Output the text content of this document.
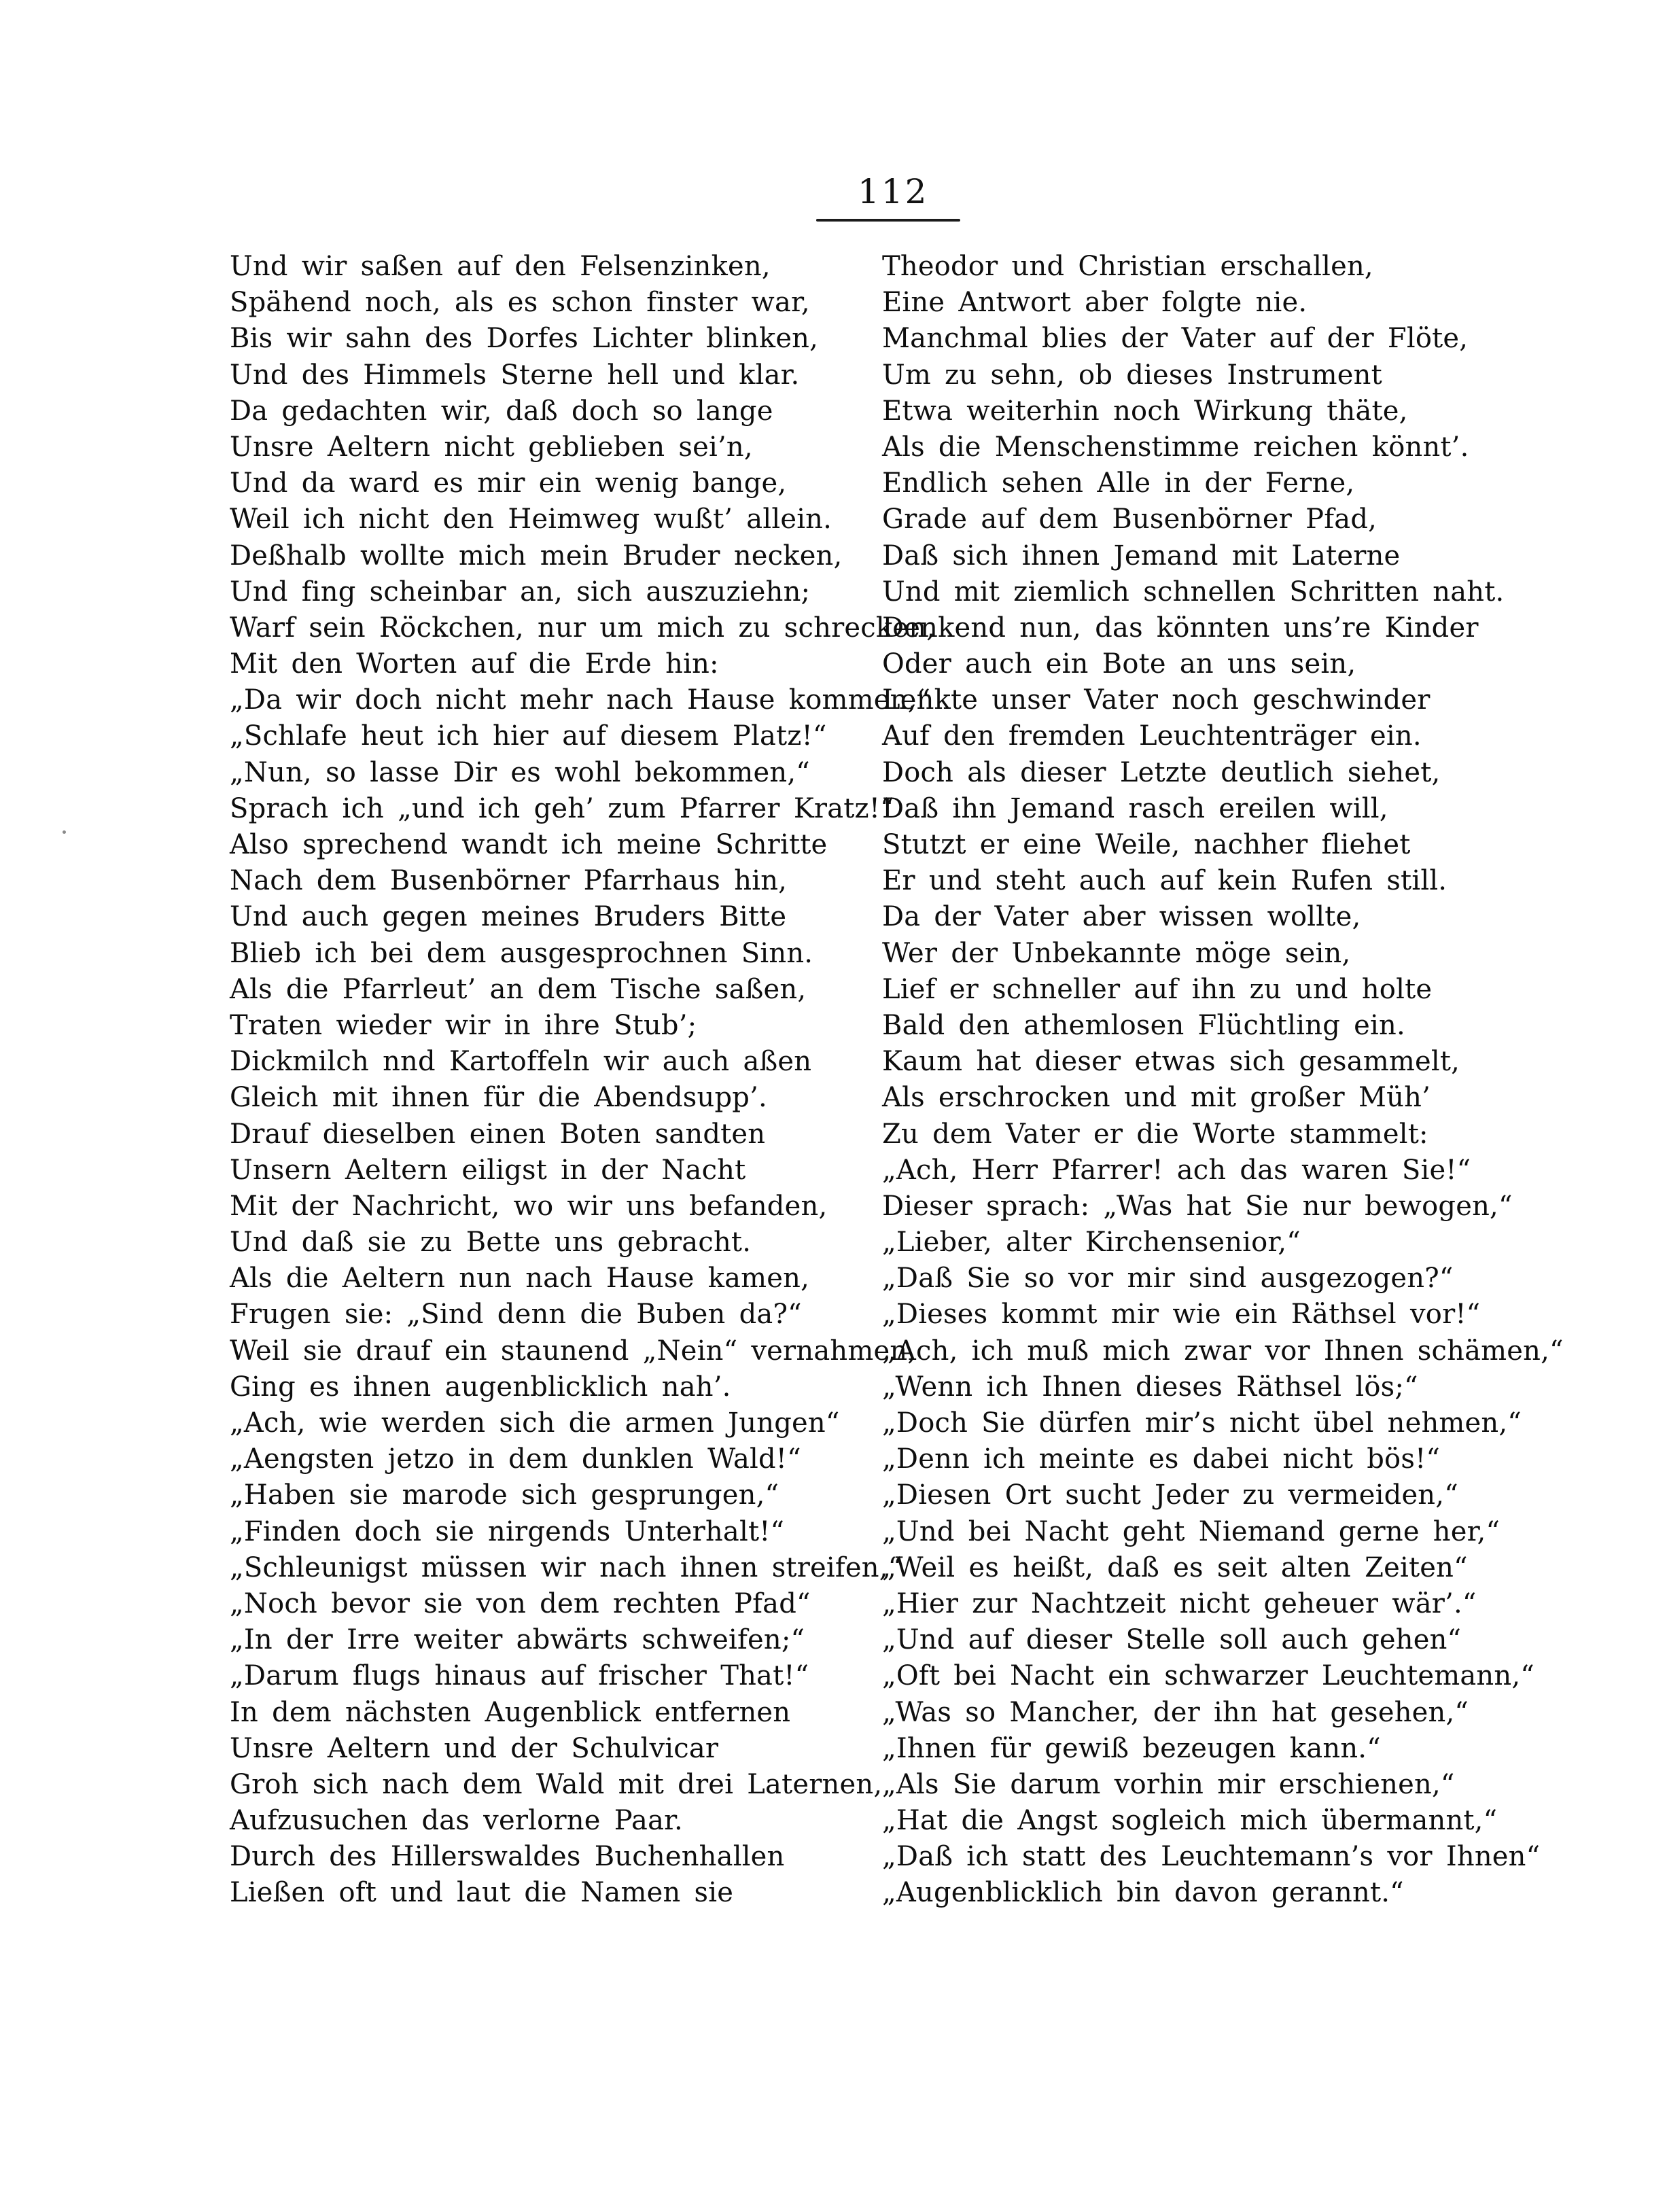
112
Und wir saßen auf den Felsenzinken,
Spähend noch, als es schon finster war,
Bis wir sahn des Dorfes Lichter blinken,
Und des Himmels Sterne hell und klar.
Da gedachten wir, daß doch so lange
Unsre Aeltern nicht geblieben sei’n,
Und da ward es mir ein wenig bange,
Weil ich nicht den Heimweg wußt’ allein.
Deßhalb wollte mich mein Bruder necken,
Und fing scheinbar an, sich auszuziehn;
Warf sein Röckchen, nur um mich zu schrecken,
Mit den Worten auf die Erde hin:
„Da wir doch nicht mehr nach Hause kommen,“
„Schlafe heut ich hier auf diesem Platz!“
„Nun, so lasse Dir es wohl bekommen,“
Sprach ich „und ich geh’ zum Pfarrer Kratz!“
Also sprechend wandt ich meine Schritte
Nach dem Busenbörner Pfarrhaus hin,
Und auch gegen meines Bruders Bitte
Blieb ich bei dem ausgesprochnen Sinn.
Als die Pfarrleut’ an dem Tische saßen,
Traten wieder wir in ihre Stub’;
Dickmilch nnd Kartoffeln wir auch aßen
Gleich mit ihnen für die Abendsupp’.
Drauf dieselben einen Boten sandten
Unsern Aeltern eiligst in der Nacht
Mit der Nachricht, wo wir uns befanden,
Und daß sie zu Bette uns gebracht.
Als die Aeltern nun nach Hause kamen,
Frugen sie: „Sind denn die Buben da?“
Weil sie drauf ein staunend „Nein“ vernahmen,
Ging es ihnen augenblicklich nah’.
„Ach, wie werden sich die armen Jungen“
„Aengsten jetzo in dem dunklen Wald!“
„Haben sie marode sich gesprungen,“
„Finden doch sie nirgends Unterhalt!“
„Schleunigst müssen wir nach ihnen streifen,“
„Noch bevor sie von dem rechten Pfad“
„In der Irre weiter abwärts schweifen;“
„Darum flugs hinaus auf frischer That!“
In dem nächsten Augenblick entfernen
Unsre Aeltern und der Schulvicar
Groh sich nach dem Wald mit drei Laternen,
Aufzusuchen das verlorne Paar.
Durch des Hillerswaldes Buchenhallen
Ließen oft und laut die Namen sie
Theodor und Christian erschallen,
Eine Antwort aber folgte nie.
Manchmal blies der Vater auf der Flöte,
Um zu sehn, ob dieses Instrument
Etwa weiterhin noch Wirkung thäte,
Als die Menschenstimme reichen könnt’.
Endlich sehen Alle in der Ferne,
Grade auf dem Busenbörner Pfad,
Daß sich ihnen Jemand mit Laterne
Und mit ziemlich schnellen Schritten naht.
Denkend nun, das könnten uns’re Kinder
Oder auch ein Bote an uns sein,
Lenkte unser Vater noch geschwinder
Auf den fremden Leuchtenträger ein.
Doch als dieser Letzte deutlich siehet,
Daß ihn Jemand rasch ereilen will,
Stutzt er eine Weile, nachher fliehet
Er und steht auch auf kein Rufen still.
Da der Vater aber wissen wollte,
Wer der Unbekannte möge sein,
Lief er schneller auf ihn zu und holte
Bald den athemlosen Flüchtling ein.
Kaum hat dieser etwas sich gesammelt,
Als erschrocken und mit großer Müh’
Zu dem Vater er die Worte stammelt:
„Ach, Herr Pfarrer! ach das waren Sie!“
Dieser sprach: „Was hat Sie nur bewogen,“
„Lieber, alter Kirchensenior,“
„Daß Sie so vor mir sind ausgezogen?“
„Dieses kommt mir wie ein Räthsel vor!“
„Ach, ich muß mich zwar vor Ihnen schämen,“
„Wenn ich Ihnen dieses Räthsel lös;“
„Doch Sie dürfen mir’s nicht übel nehmen,“
„Denn ich meinte es dabei nicht bös!“
„Diesen Ort sucht Jeder zu vermeiden,“
„Und bei Nacht geht Niemand gerne her,“
„Weil es heißt, daß es seit alten Zeiten“
„Hier zur Nachtzeit nicht geheuer wär’.“
„Und auf dieser Stelle soll auch gehen“
„Oft bei Nacht ein schwarzer Leuchtemann,“
„Was so Mancher, der ihn hat gesehen,“
„Ihnen für gewiß bezeugen kann.“
„Als Sie darum vorhin mir erschienen,“
„Hat die Angst sogleich mich übermannt,“
„Daß ich statt des Leuchtemann’s vor Ihnen“
„Augenblicklich bin davon gerannt.“
